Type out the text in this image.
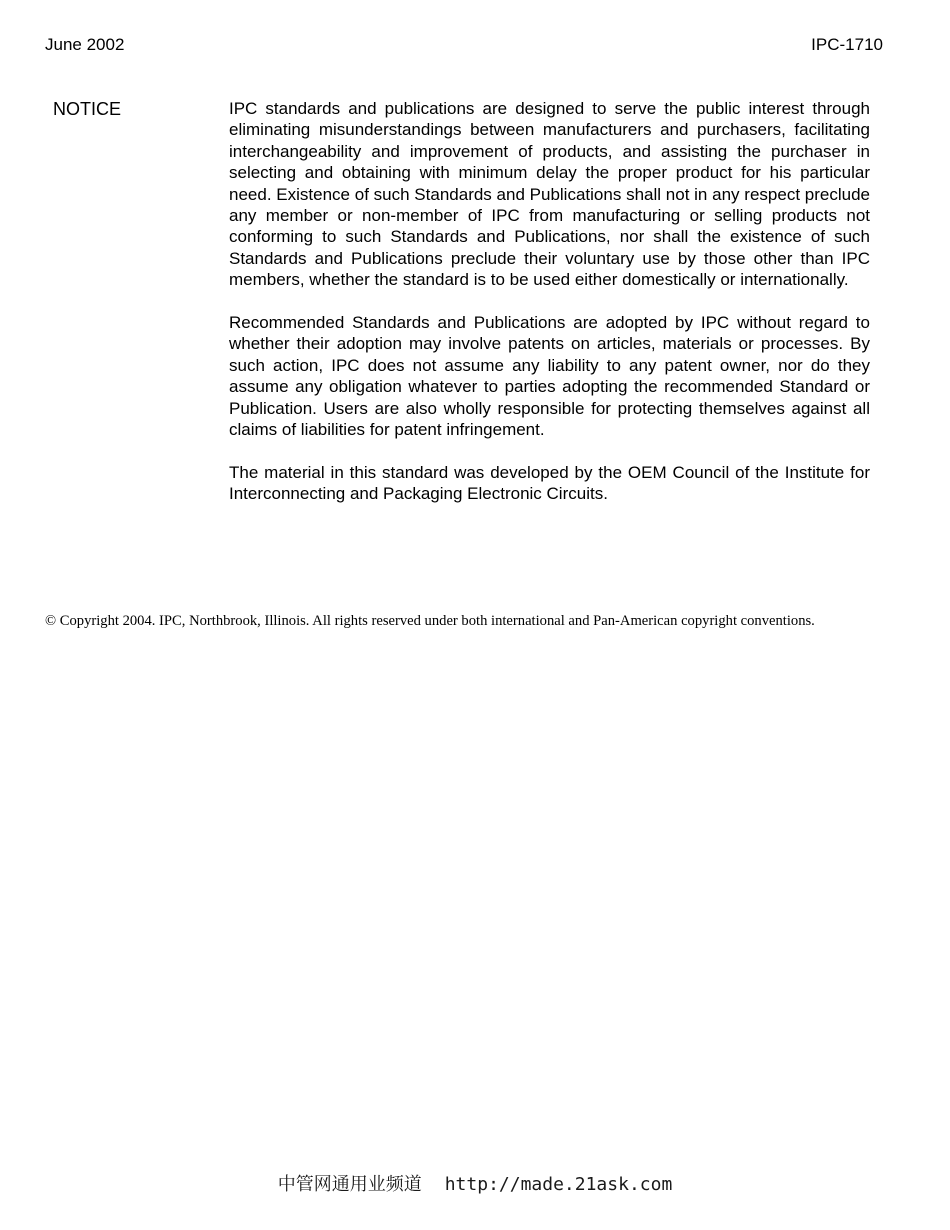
June 2002	IPC-1710
NOTICE	IPC standards and publications are designed to serve the public interest through eliminating misunderstandings between manufacturers and purchasers, facilitating interchangeability and improvement of products, and assisting the purchaser in selecting and obtaining with minimum delay the proper product for his particular need. Existence of such Standards and Publications shall not in any respect preclude any member or non-member of IPC from manufacturing or selling products not conforming to such Standards and Publications, nor shall the existence of such Standards and Publications preclude their voluntary use by those other than IPC members, whether the standard is to be used either domestically or internationally.

Recommended Standards and Publications are adopted by IPC without regard to whether their adoption may involve patents on articles, materials or processes. By such action, IPC does not assume any liability to any patent owner, nor do they assume any obligation whatever to parties adopting the recommended Standard or Publication. Users are also wholly responsible for protecting themselves against all claims of liabilities for patent infringement.

The material in this standard was developed by the OEM Council of the Institute for Interconnecting and Packaging Electronic Circuits.

© Copyright 2004. IPC, Northbrook, Illinois. All rights reserved under both international and Pan-American copyright conventions.
中管网通用业频道 http://made.21ask.com
